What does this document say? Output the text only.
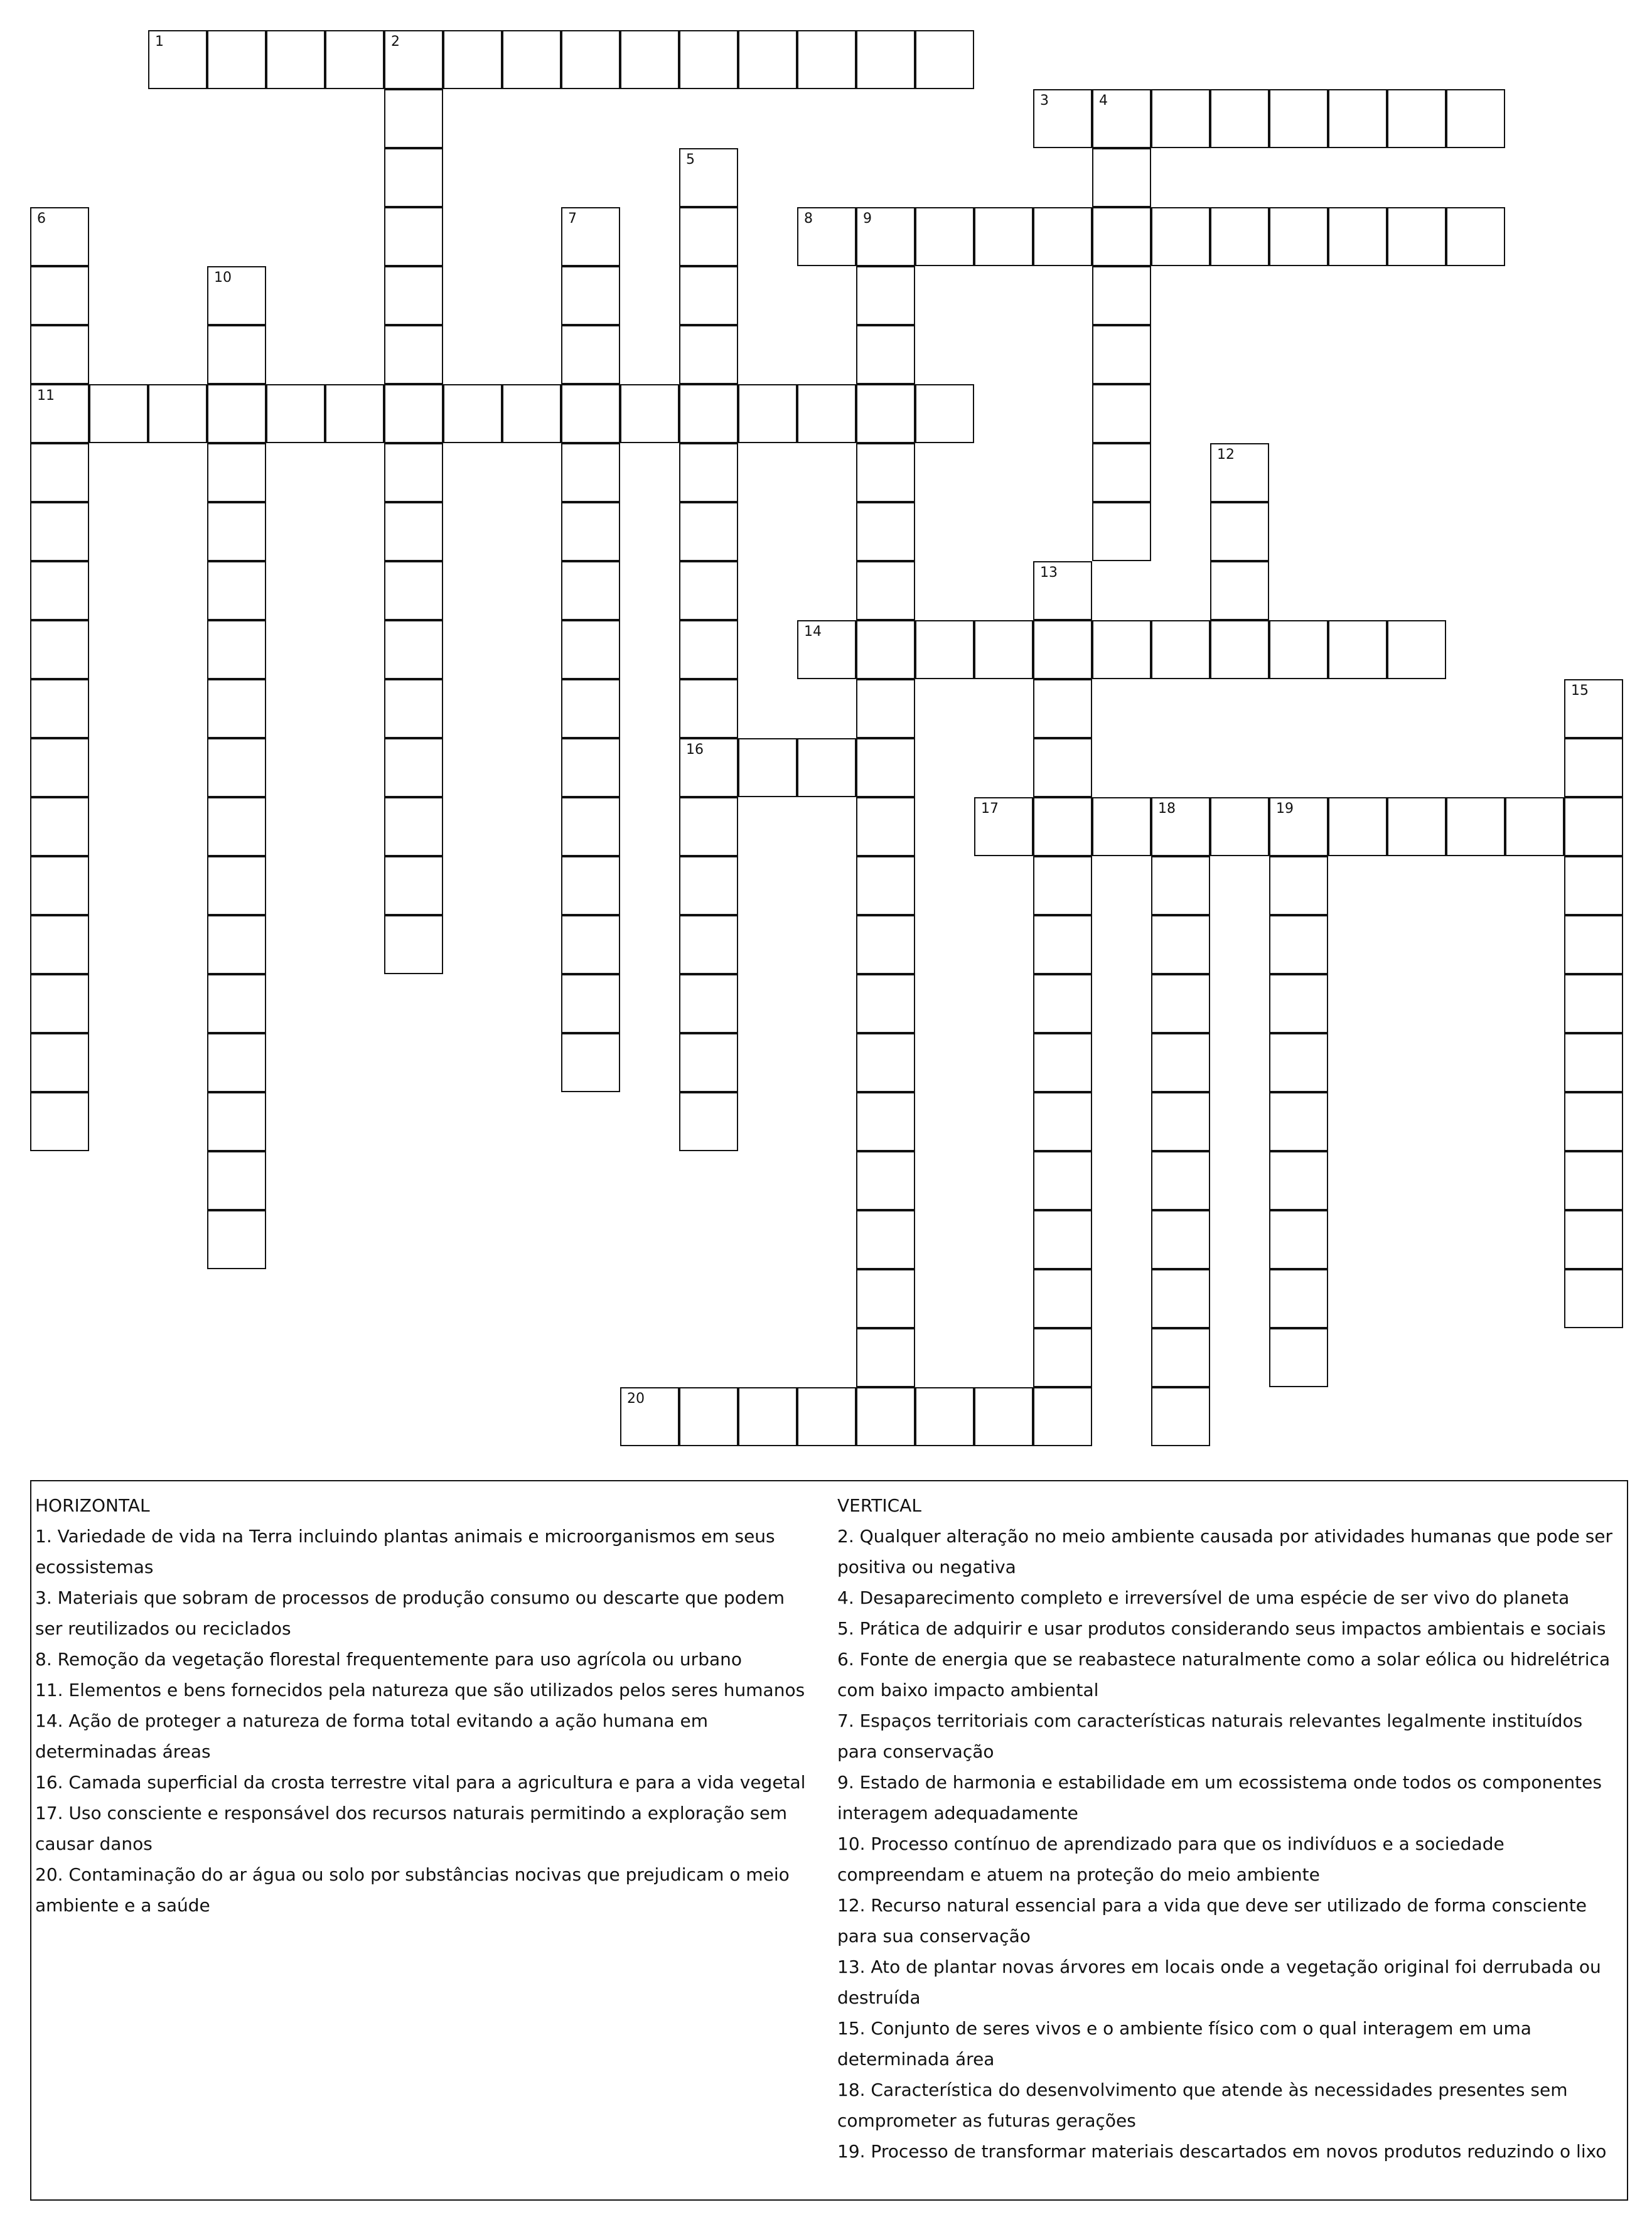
1	2
3	4
5
16
6
11
7	8	9
10
12
13
14
15
17	18	19
20
HORIZONTAL
1. Variedade de vida na Terra incluindo plantas animais e microorganismos em seus ecossistemas
3. Materiais que sobram de processos de produção consumo ou descarte que podem ser reutilizados ou reciclados
8. Remoção da vegetação florestal frequentemente para uso agrícola ou urbano
11. Elementos e bens fornecidos pela natureza que são utilizados pelos seres humanos
14. Ação de proteger a natureza de forma total evitando a ação humana em determinadas áreas
16. Camada superficial da crosta terrestre vital para a agricultura e para a vida vegetal
17. Uso consciente e responsável dos recursos naturais permitindo a exploração sem causar danos
20. Contaminação do ar água ou solo por substâncias nocivas que prejudicam o meio ambiente e a saúde
VERTICAL
2. Qualquer alteração no meio ambiente causada por atividades humanas que pode ser positiva ou negativa
4. Desaparecimento completo e irreversível de uma espécie de ser vivo do planeta
5. Prática de adquirir e usar produtos considerando seus impactos ambientais e sociais
6. Fonte de energia que se reabastece naturalmente como a solar eólica ou hidrelétrica com baixo impacto ambiental
7. Espaços territoriais com características naturais relevantes legalmente instituídos para conservação
9. Estado de harmonia e estabilidade em um ecossistema onde todos os componentes interagem adequadamente
10. Processo contínuo de aprendizado para que os indivíduos e a sociedade compreendam e atuem na proteção do meio ambiente
12. Recurso natural essencial para a vida que deve ser utilizado de forma consciente para sua conservação
13. Ato de plantar novas árvores em locais onde a vegetação original foi derrubada ou destruída
15. Conjunto de seres vivos e o ambiente físico com o qual interagem em uma determinada área
18. Característica do desenvolvimento que atende às necessidades presentes sem comprometer as futuras gerações
19. Processo de transformar materiais descartados em novos produtos reduzindo o lixo
